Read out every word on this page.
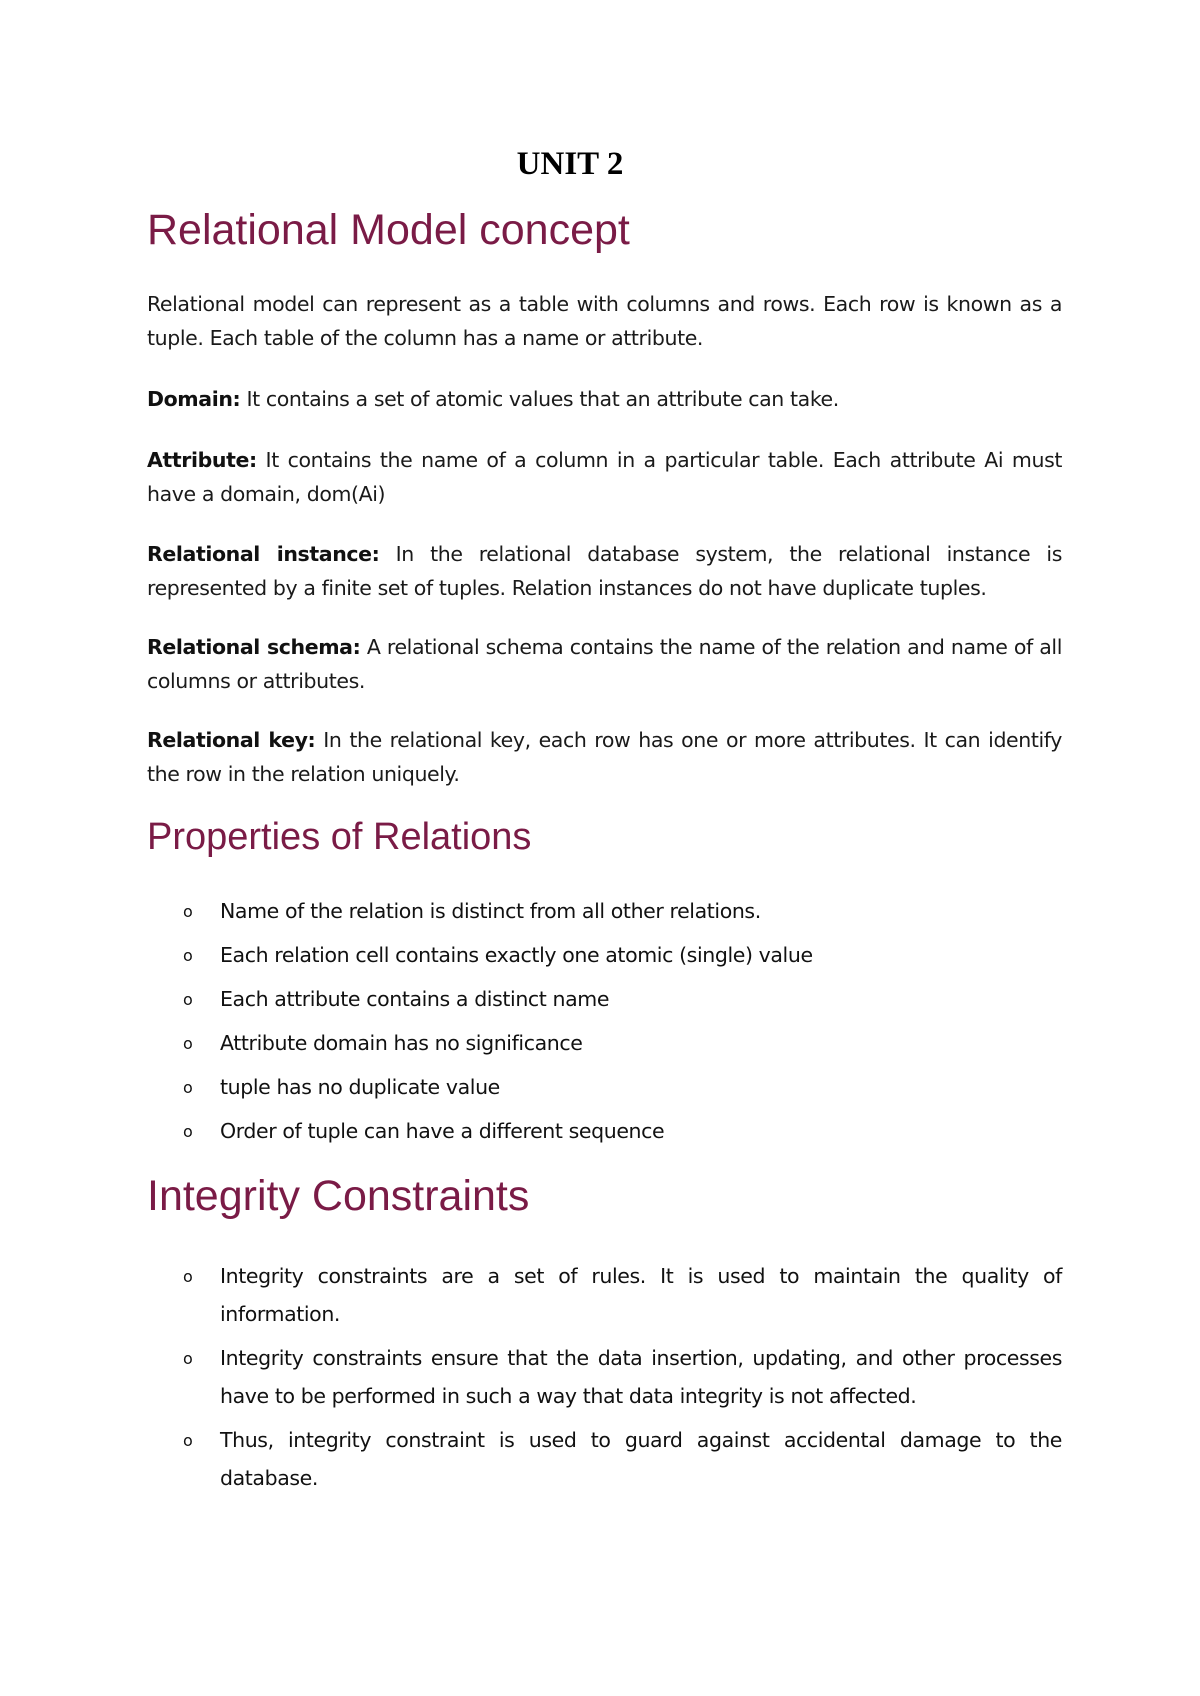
UNIT 2
Relational Model concept

Relational model can represent as a table with columns and rows. Each row is known as a tuple. Each table of the column has a name or attribute.

Domain: It contains a set of atomic values that an attribute can take.

Attribute: It contains the name of a column in a particular table. Each attribute Ai must have a domain, dom(Ai)

Relational instance: In the relational database system, the relational instance is represented by a finite set of tuples. Relation instances do not have duplicate tuples.

Relational schema: A relational schema contains the name of the relation and name of all columns or attributes.

Relational key: In the relational key, each row has one or more attributes. It can identify the row in the relation uniquely.

Properties of Relations
o Name of the relation is distinct from all other relations.
o Each relation cell contains exactly one atomic (single) value
o Each attribute contains a distinct name
o Attribute domain has no significance
o tuple has no duplicate value
o Order of tuple can have a different sequence
Integrity Constraints
o Integrity constraints are a set of rules. It is used to maintain the quality of information.
o Integrity constraints ensure that the data insertion, updating, and other processes have to be performed in such a way that data integrity is not affected.
o Thus, integrity constraint is used to guard against accidental damage to the database.
